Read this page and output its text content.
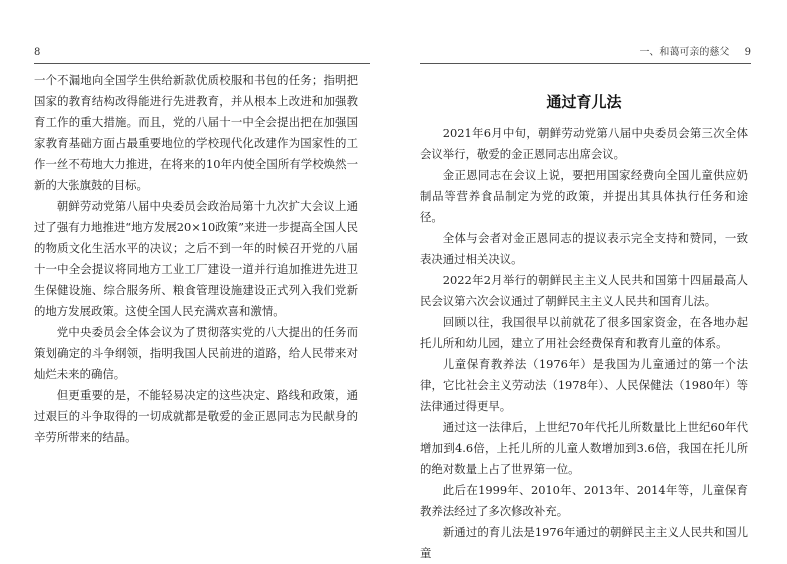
8

一个不漏地向全国学生供给新款优质校服和书包的任务；指明把国家的教育结构改得能进行先进教育，并从根本上改进和加强教育工作的重大措施。而且，党的八届十一中全会提出把在加强国家教育基础方面占最重要地位的学校现代化改建作为国家性的工作一丝不苟地大力推进，在将来的10年内使全国所有学校焕然一新的大张旗鼓的目标。

朝鲜劳动党第八届中央委员会政治局第十九次扩大会议上通过了强有力地推进“地方发展20×10政策”来进一步提高全国人民的物质文化生活水平的决议；之后不到一年的时候召开党的八届十一中全会提议将同地方工业工厂建设一道并行追加推进先进卫生保健设施、综合服务所、粮食管理设施建设正式列入我们党新的地方发展政策。这使全国人民充满欢喜和激情。

党中央委员会全体会议为了贯彻落实党的八大提出的任务而策划确定的斗争纲领，指明我国人民前进的道路，给人民带来对灿烂未来的确信。

但更重要的是，不能轻易决定的这些决定、路线和政策，通过艰巨的斗争取得的一切成就都是敬爱的金正恩同志为民献身的辛劳所带来的结晶。

一、和蔼可亲的慈父 9
通过育儿法

2021年6月中旬，朝鲜劳动党第八届中央委员会第三次全体会议举行，敬爱的金正恩同志出席会议。

金正恩同志在会议上说，要把用国家经费向全国儿童供应奶制品等营养食品制定为党的政策，并提出其具体执行任务和途径。

全体与会者对金正恩同志的提议表示完全支持和赞同，一致表决通过相关决议。

2022年2月举行的朝鲜民主主义人民共和国第十四届最高人民会议第六次会议通过了朝鲜民主主义人民共和国育儿法。

回顾以往，我国很早以前就花了很多国家资金，在各地办起托儿所和幼儿园，建立了用社会经费保育和教育儿童的体系。

儿童保育教养法（1976年）是我国为儿童通过的第一个法律，它比社会主义劳动法（1978年）、人民保健法（1980年）等法律通过得更早。

通过这一法律后，上世纪70年代托儿所数量比上世纪60年代增加到4.6倍，上托儿所的儿童人数增加到3.6倍，我国在托儿所的绝对数量上占了世界第一位。

此后在1999年、2010年、2013年、2014年等，儿童保育教养法经过了多次修改补充。

新通过的育儿法是1976年通过的朝鲜民主主义人民共和国儿童
